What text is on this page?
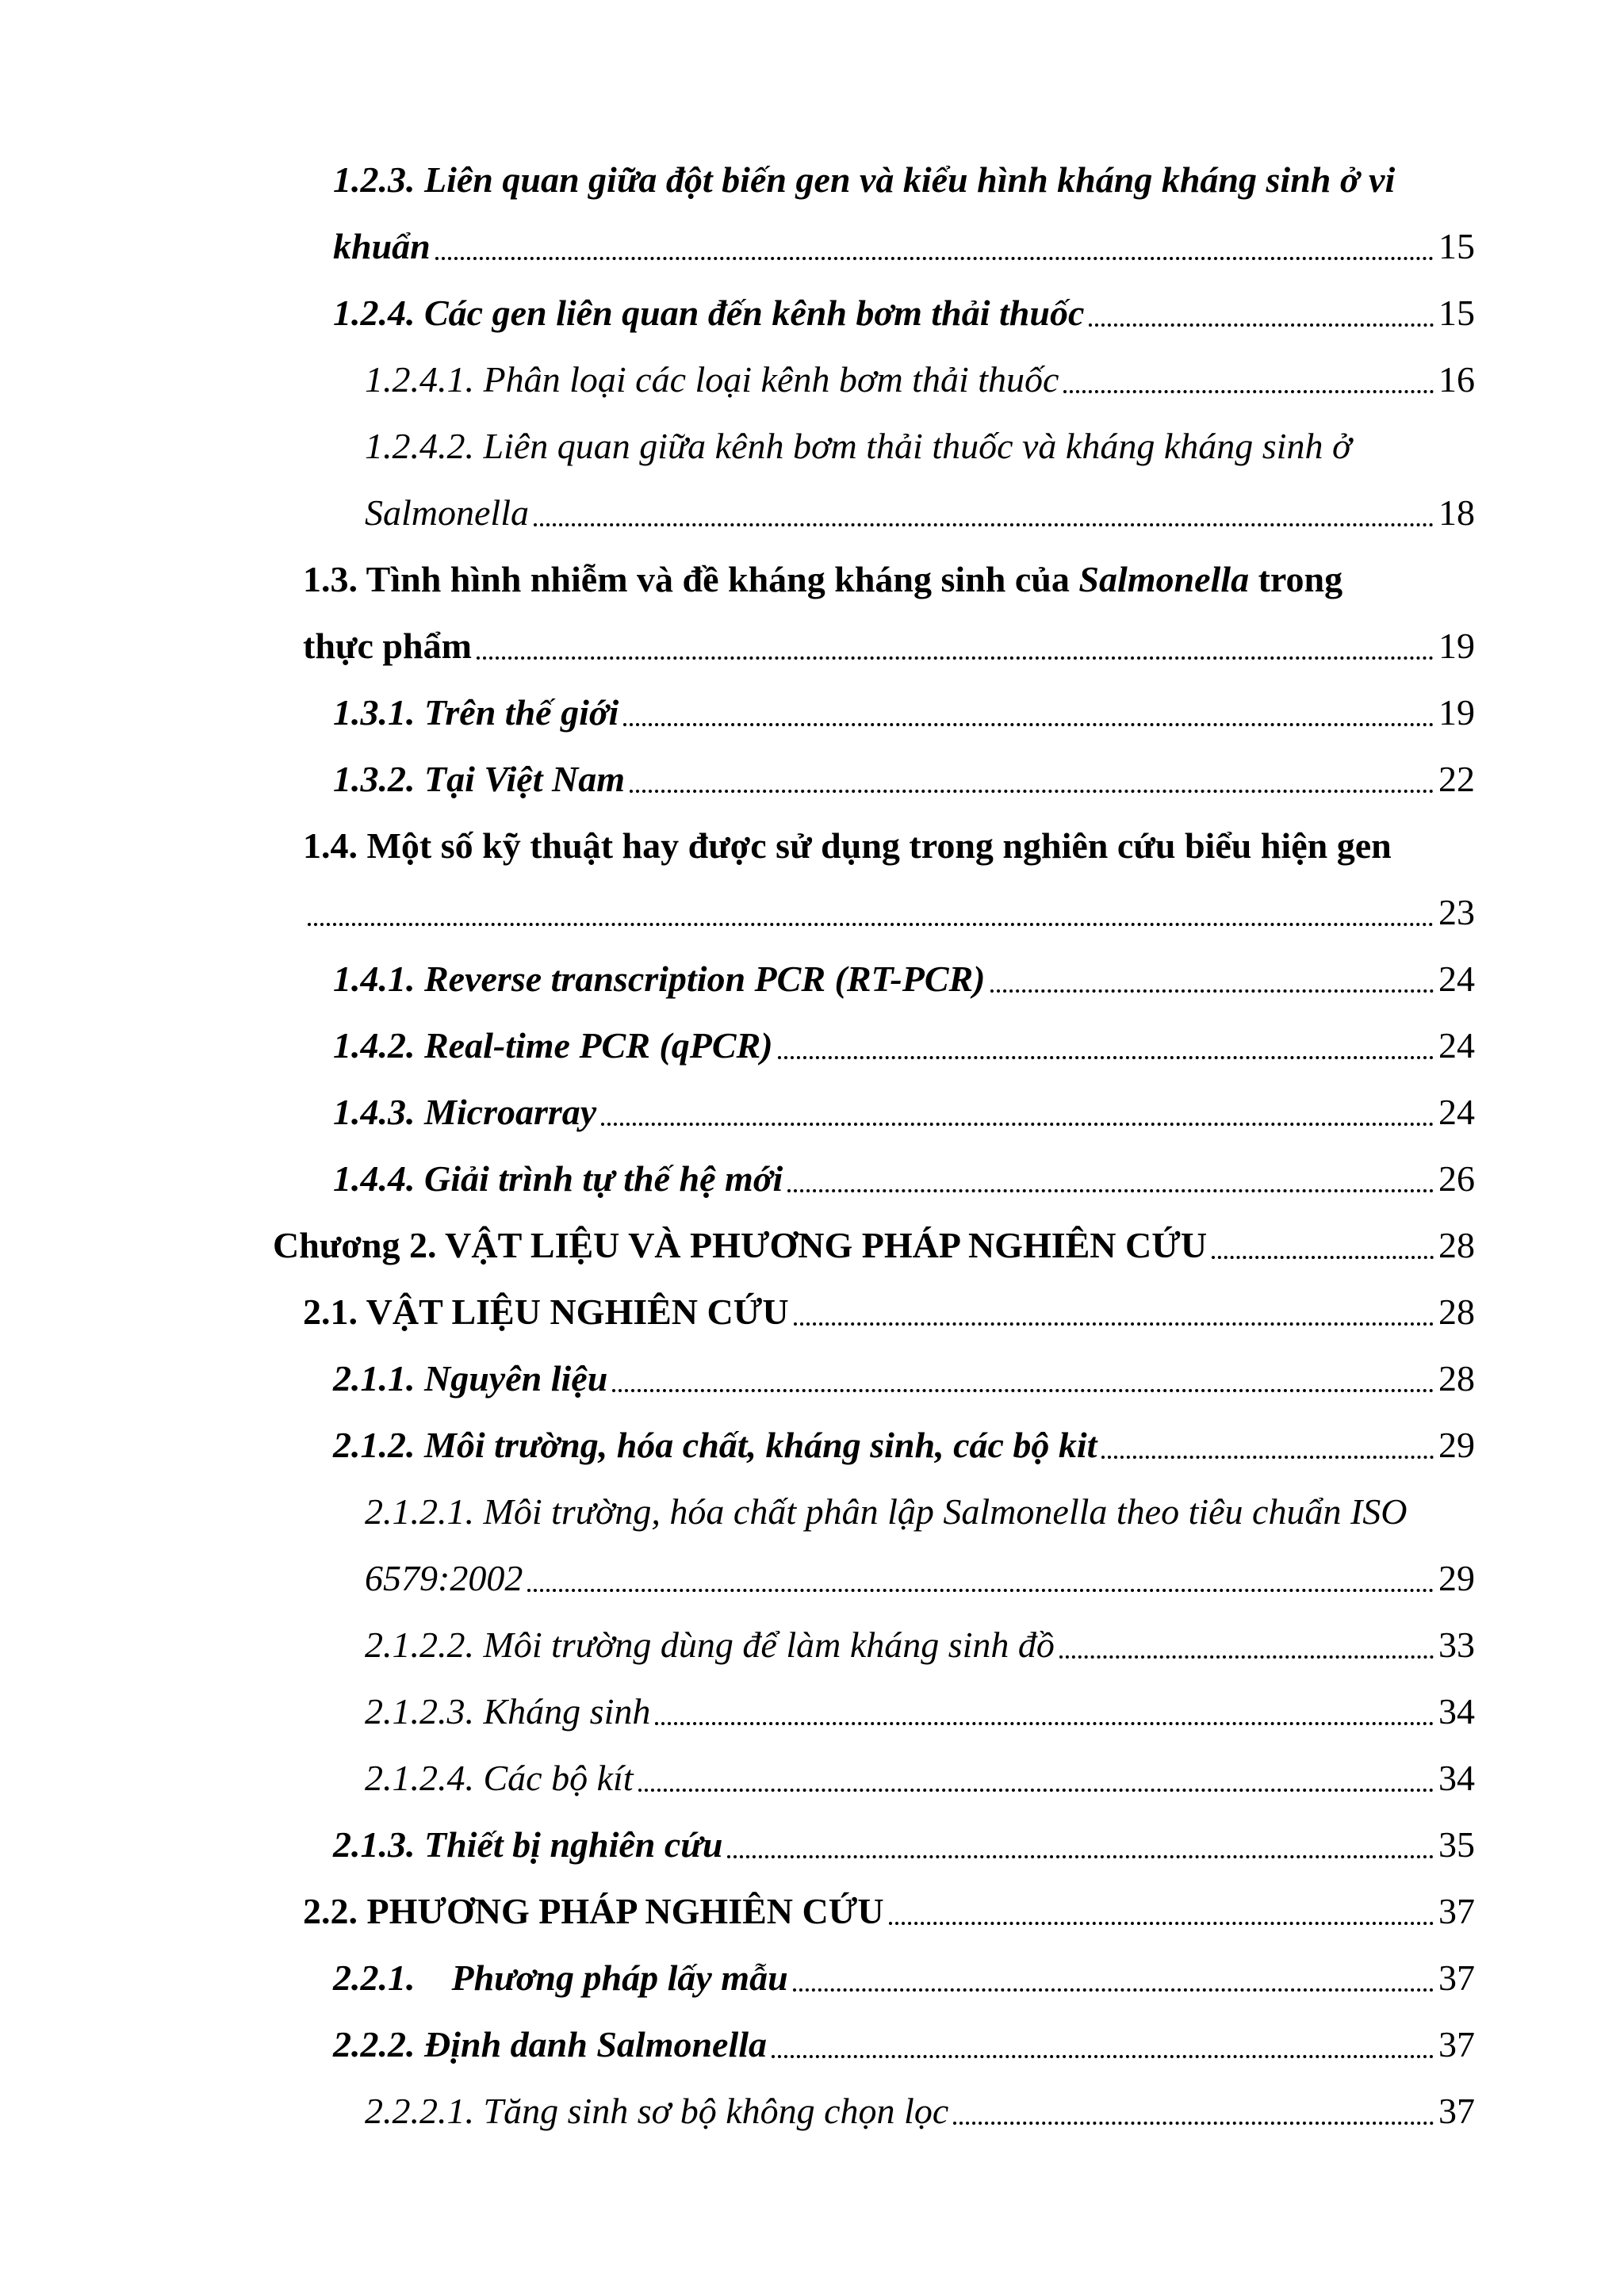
1.2.3. Liên quan giữa đột biến gen và kiểu hình kháng kháng sinh ở vi
khuẩn	15
1.2.4. Các gen liên quan đến kênh bơm thải thuốc	15
1.2.4.1. Phân loại các loại kênh bơm thải thuốc	16
1.2.4.2. Liên quan giữa kênh bơm thải thuốc và kháng kháng sinh ở
Salmonella	18
1.3. Tình hình nhiễm và đề kháng kháng sinh của Salmonella trong
thực phẩm	19
1.3.1. Trên thế giới	19
1.3.2. Tại Việt Nam	22
1.4. Một số kỹ thuật hay được sử dụng trong nghiên cứu biểu hiện gen
23
1.4.1. Reverse transcription PCR (RT-PCR)	24
1.4.2. Real-time PCR (qPCR)	24
1.4.3. Microarray	24
1.4.4. Giải trình tự thế hệ mới	26
Chương 2. VẬT LIỆU VÀ PHƯƠNG PHÁP NGHIÊN CỨU	28
2.1. VẬT LIỆU NGHIÊN CỨU	28
2.1.1. Nguyên liệu	28
2.1.2. Môi trường, hóa chất, kháng sinh, các bộ kit	29
2.1.2.1. Môi trường, hóa chất phân lập Salmonella theo tiêu chuẩn ISO
6579:2002	29
2.1.2.2. Môi trường dùng để làm kháng sinh đồ	33
2.1.2.3. Kháng sinh	34
2.1.2.4. Các bộ kít	34
2.1.3. Thiết bị nghiên cứu	35
2.2. PHƯƠNG PHÁP NGHIÊN CỨU	37
2.2.1.    Phương pháp lấy mẫu	37
2.2.2. Định danh Salmonella	37
2.2.2.1. Tăng sinh sơ bộ không chọn lọc	37
